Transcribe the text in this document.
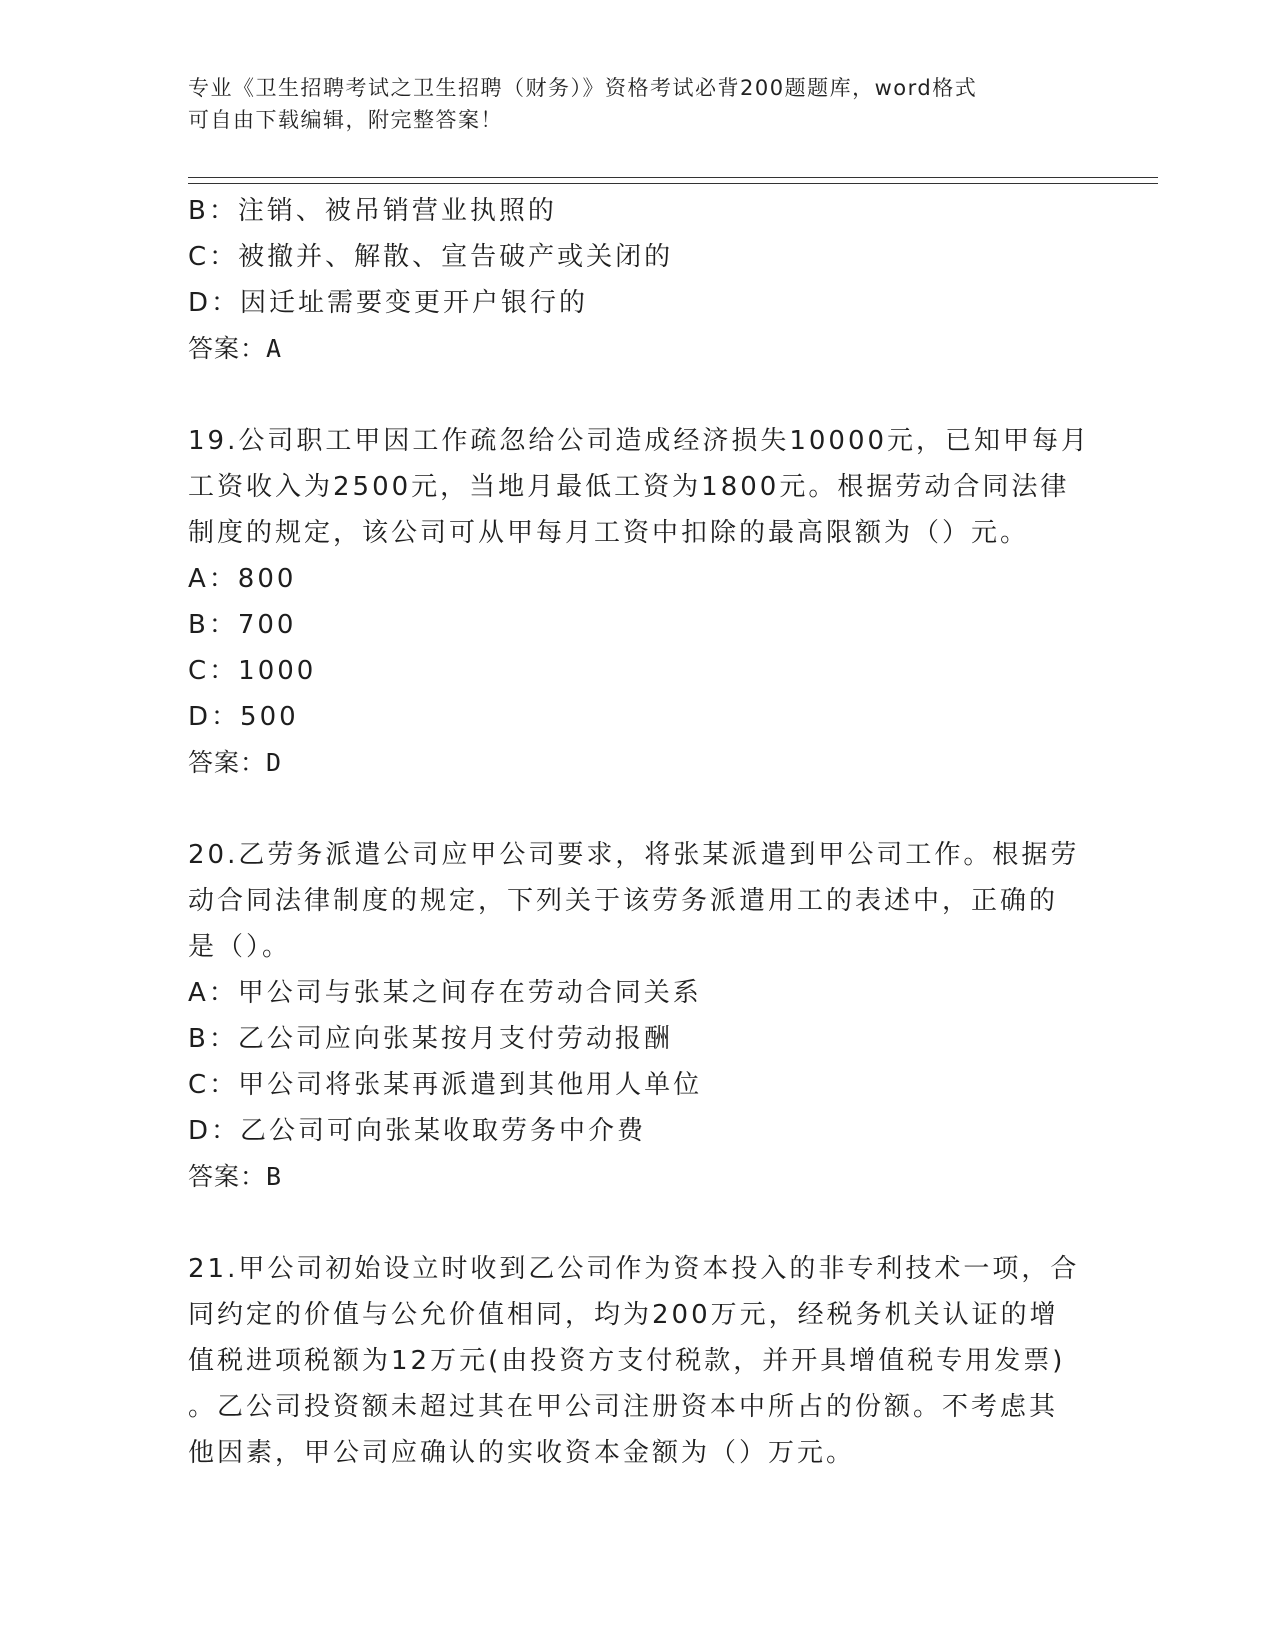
专业《卫生招聘考试之卫生招聘（财务）》资格考试必背200题题库，word格式
可自由下载编辑，附完整答案！
B：注销、被吊销营业执照的
C：被撤并、解散、宣告破产或关闭的
D：因迁址需要变更开户银行的
答案：A
19.公司职工甲因工作疏忽给公司造成经济损失10000元，已知甲每月
工资收入为2500元，当地月最低工资为1800元。根据劳动合同法律
制度的规定，该公司可从甲每月工资中扣除的最高限额为（）元。
A：800
B：700
C：1000
D：500
答案：D
20.乙劳务派遣公司应甲公司要求，将张某派遣到甲公司工作。根据劳
动合同法律制度的规定，下列关于该劳务派遣用工的表述中，正确的
是（）。
A：甲公司与张某之间存在劳动合同关系
B：乙公司应向张某按月支付劳动报酬
C：甲公司将张某再派遣到其他用人单位
D：乙公司可向张某收取劳务中介费
答案：B
21.甲公司初始设立时收到乙公司作为资本投入的非专利技术一项，合
同约定的价值与公允价值相同，均为200万元，经税务机关认证的增
值税进项税额为12万元(由投资方支付税款，并开具增值税专用发票)
。乙公司投资额未超过其在甲公司注册资本中所占的份额。不考虑其
他因素，甲公司应确认的实收资本金额为（）万元。
